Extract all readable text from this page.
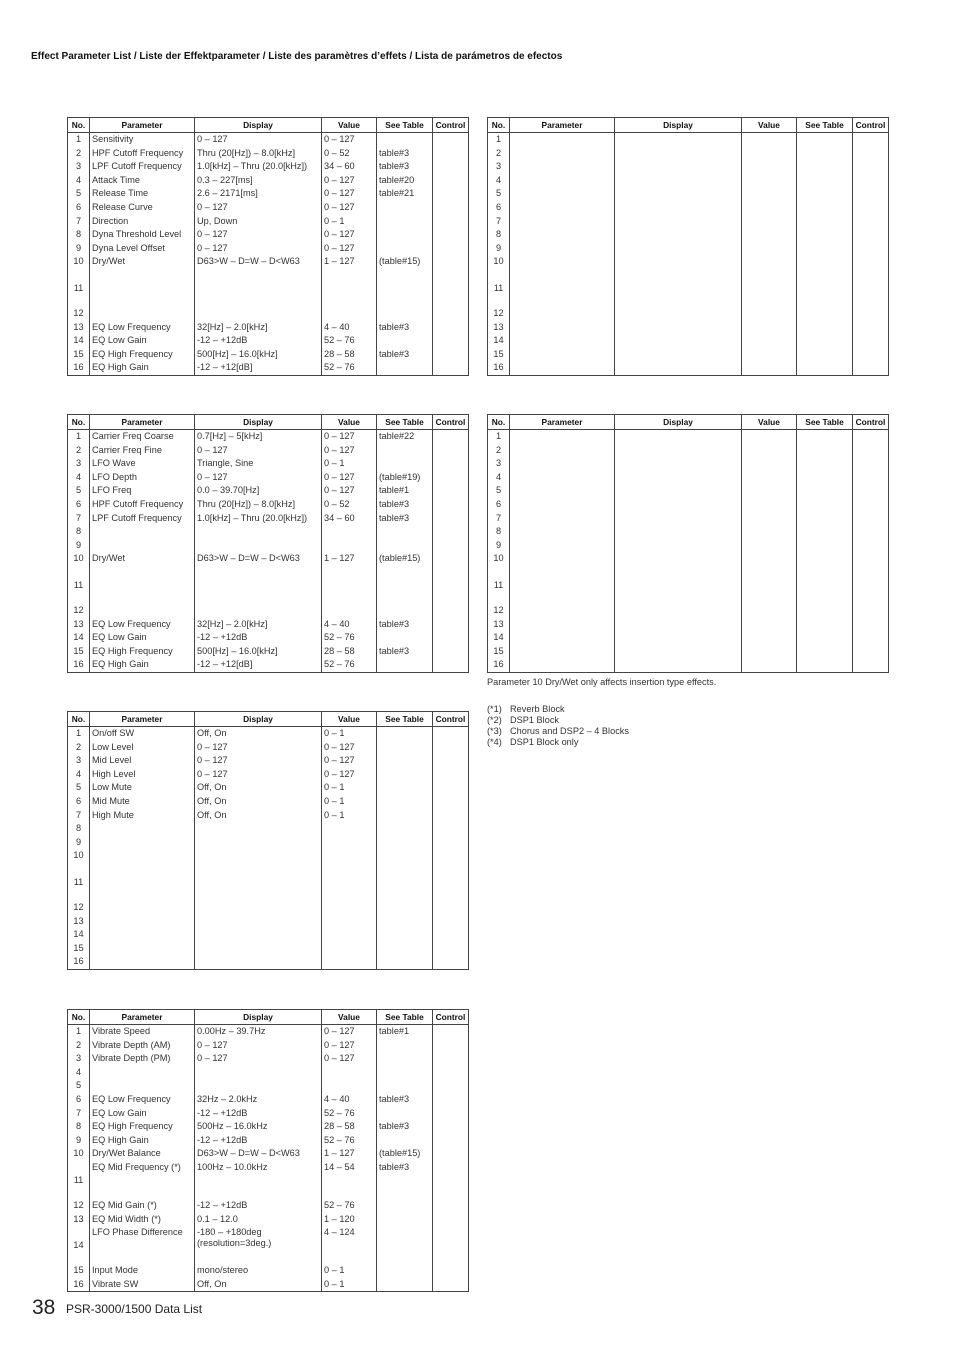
Effect Parameter List / Liste der Effektparameter / Liste des paramètres d’effets / Lista de parámetros de efectos
No.	Parameter	Display	Value	See Table	Control
1	Sensitivity	0 – 127	0 – 127		
2	HPF Cutoff Frequency	Thru (20[Hz]) – 8.0[kHz]	0 – 52	table#3	
3	LPF Cutoff Frequency	1.0[kHz] – Thru (20.0[kHz])	34 – 60	table#3	
4	Attack Time	0.3 – 227[ms]	0 – 127	table#20	
5	Release Time	2.6 – 2171[ms]	0 – 127	table#21	
6	Release Curve	0 – 127	0 – 127		
7	Direction	Up, Down	0 – 1		
8	Dyna Threshold Level	0 – 127	0 – 127		
9	Dyna Level Offset	0 – 127	0 – 127		
10	Dry/Wet	D63>W – D=W – D<W63	1 – 127	(table#15)	
11					
12					
13	EQ Low Frequency	32[Hz] – 2.0[kHz]	4 – 40	table#3	
14	EQ Low Gain	-12 – +12dB	52 – 76		
15	EQ High Frequency	500[Hz] – 16.0[kHz]	28 – 58	table#3	
16	EQ High Gain	-12 – +12[dB]	52 – 76		
No.	Parameter	Display	Value	See Table	Control
1					
2					
3					
4					
5					
6					
7					
8					
9					
10					
11					
12					
13					
14					
15					
16					
No.	Parameter	Display	Value	See Table	Control
1	Carrier Freq Coarse	0.7[Hz] – 5[kHz]	0 – 127	table#22	
2	Carrier Freq Fine	0 – 127	0 – 127		
3	LFO Wave	Triangle, Sine	0 – 1		
4	LFO Depth	0 – 127	0 – 127	(table#19)	
5	LFO Freq	0.0 – 39.70[Hz]	0 – 127	table#1	
6	HPF Cutoff Frequency	Thru (20[Hz]) – 8.0[kHz]	0 – 52	table#3	
7	LPF Cutoff Frequency	1.0[kHz] – Thru (20.0[kHz])	34 – 60	table#3	
8					
9					
10	Dry/Wet	D63>W – D=W – D<W63	1 – 127	(table#15)	
11					
12					
13	EQ Low Frequency	32[Hz] – 2.0[kHz]	4 – 40	table#3	
14	EQ Low Gain	-12 – +12dB	52 – 76		
15	EQ High Frequency	500[Hz] – 16.0[kHz]	28 – 58	table#3	
16	EQ High Gain	-12 – +12[dB]	52 – 76		
No.	Parameter	Display	Value	See Table	Control
1					
2					
3					
4					
5					
6					
7					
8					
9					
10					
11					
12					
13					
14					
15					
16					
No.	Parameter	Display	Value	See Table	Control
1	On/off SW	Off, On	0 – 1		
2	Low Level	0 – 127	0 – 127		
3	Mid Level	0 – 127	0 – 127		
4	High Level	0 – 127	0 – 127		
5	Low Mute	Off, On	0 – 1		
6	Mid Mute	Off, On	0 – 1		
7	High Mute	Off, On	0 – 1		
8					
9					
10					
11					
12					
13					
14					
15					
16					
No.	Parameter	Display	Value	See Table	Control
1	Vibrate Speed	0.00Hz – 39.7Hz	0 – 127	table#1	
2	Vibrate Depth (AM)	0 – 127	0 – 127		
3	Vibrate Depth (PM)	0 – 127	0 – 127		
4					
5					
6	EQ Low Frequency	32Hz – 2.0kHz	4 – 40	table#3	
7	EQ Low Gain	-12 – +12dB	52 – 76		
8	EQ High Frequency	500Hz – 16.0kHz	28 – 58	table#3	
9	EQ High Gain	-12 – +12dB	52 – 76		
10	Dry/Wet Balance	D63>W – D=W – D<W63	1 – 127	(table#15)	
11	EQ Mid Frequency (*)	100Hz – 10.0kHz	14 – 54	table#3	
12	EQ Mid Gain (*)	-12 – +12dB	52 – 76		
13	EQ Mid Width (*)	0.1 – 12.0	1 – 120		
14	LFO Phase Difference	-180 – +180deg (resolution=3deg.)	4 – 124		
15	Input Mode	mono/stereo	0 – 1		
16	Vibrate SW	Off, On	0 – 1		
Parameter 10 Dry/Wet only affects insertion type effects.
(*1) Reverb Block
(*2) DSP1 Block
(*3) Chorus and DSP2 – 4 Blocks
(*4) DSP1 Block only
38 PSR-3000/1500 Data List
